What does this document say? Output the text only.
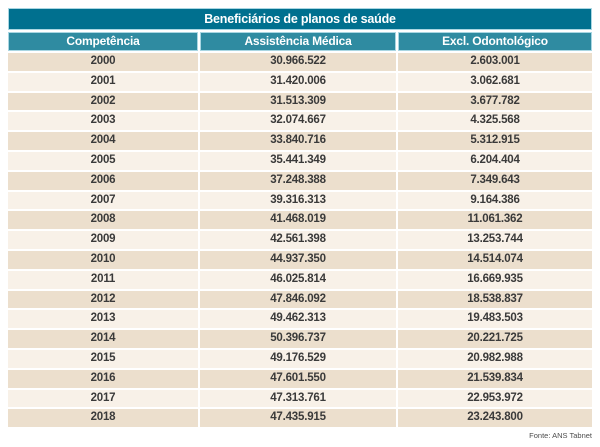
Beneficiários de planos de saúde
Competência	Assistência Médica	Excl. Odontológico
2000	30.966.522	2.603.001
2001	31.420.006	3.062.681
2002	31.513.309	3.677.782
2003	32.074.667	4.325.568
2004	33.840.716	5.312.915
2005	35.441.349	6.204.404
2006	37.248.388	7.349.643
2007	39.316.313	9.164.386
2008	41.468.019	11.061.362
2009	42.561.398	13.253.744
2010	44.937.350	14.514.074
2011	46.025.814	16.669.935
2012	47.846.092	18.538.837
2013	49.462.313	19.483.503
2014	50.396.737	20.221.725
2015	49.176.529	20.982.988
2016	47.601.550	21.539.834
2017	47.313.761	22.953.972
2018	47.435.915	23.243.800
Fonte: ANS Tabnet
